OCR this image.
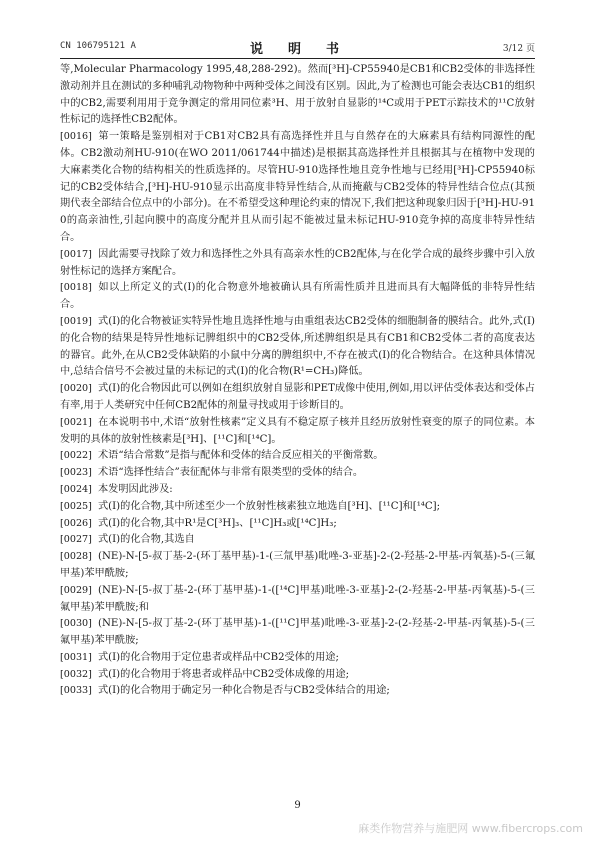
CN 106795121 A	说　明　书	3/12 页

等,Molecular Pharmacology 1995,48,288-292)。然而[³H]-CP55940是CB1和CB2受体的非选择性激动剂并且在测试的多种哺乳动物物种中两种受体之间没有区别。因此,为了检测也可能会表达CB1的组织中的CB2,需要利用用于竞争测定的常用同位素³H、用于放射自显影的¹⁴C或用于PET示踪技术的¹¹C放射性标记的选择性CB2配体。

[0016] 第一策略是鉴别相对于CB1对CB2具有高选择性并且与自然存在的大麻素具有结构同源性的配体。CB2激动剂HU-910(在WO 2011/061744中描述)是根据其高选择性并且根据其与在植物中发现的大麻素类化合物的结构相关的性质选择的。尽管HU-910选择性地且竞争性地与已经用[³H]-CP55940标记的CB2受体结合,[³H]-HU-910显示出高度非特异性结合,从而掩蔽与CB2受体的特异性结合位点(其预期代表全部结合位点中的小部分)。在不希望受这种理论约束的情况下,我们把这种现象归因于[³H]-HU-910的高亲油性,引起向膜中的高度分配并且从而引起不能被过量未标记HU-910竞争掉的高度非特异性结合。

[0017] 因此需要寻找除了效力和选择性之外具有高亲水性的CB2配体,与在化学合成的最终步骤中引入放射性标记的选择方案配合。

[0018] 如以上所定义的式(I)的化合物意外地被确认具有所需性质并且进而具有大幅降低的非特异性结合。

[0019] 式(I)的化合物被证实特异性地且选择性地与由重组表达CB2受体的细胞制备的膜结合。此外,式(I)的化合物的结果是特异性地标记脾组织中的CB2受体,所述脾组织是具有CB1和CB2受体二者的高度表达的器官。此外,在从CB2受体缺陷的小鼠中分离的脾组织中,不存在被式(I)的化合物结合。在这种具体情况中,总结合信号不会被过量的未标记的式(I)的化合物(R¹=CH₃)降低。

[0020] 式(I)的化合物因此可以例如在组织放射自显影和PET成像中使用,例如,用以评估受体表达和受体占有率,用于人类研究中任何CB2配体的剂量寻找或用于诊断目的。

[0021] 在本说明书中,术语“放射性核素”定义具有不稳定原子核并且经历放射性衰变的原子的同位素。本发明的具体的放射性核素是[³H]、[¹¹C]和[¹⁴C]。

[0022] 术语“结合常数”是指与配体和受体的结合反应相关的平衡常数。

[0023] 术语“选择性结合”表征配体与非常有限类型的受体的结合。

[0024] 本发明因此涉及:

[0025] 式(I)的化合物,其中所述至少一个放射性核素独立地选自[³H]、[¹¹C]和[¹⁴C];

[0026] 式(I)的化合物,其中R¹是C[³H]₃、[¹¹C]H₃或[¹⁴C]H₃;

[0027] 式(I)的化合物,其选自

[0028] (NE)-N-[5-叔丁基-2-(环丁基甲基)-1-(三氚甲基)吡唑-3-亚基]-2-(2-羟基-2-甲基-丙氧基)-5-(三氟甲基)苯甲酰胺;

[0029] (NE)-N-[5-叔丁基-2-(环丁基甲基)-1-([¹⁴C]甲基)吡唑-3-亚基]-2-(2-羟基-2-甲基-丙氧基)-5-(三氟甲基)苯甲酰胺;和

[0030] (NE)-N-[5-叔丁基-2-(环丁基甲基)-1-([¹¹C]甲基)吡唑-3-亚基]-2-(2-羟基-2-甲基-丙氧基)-5-(三氟甲基)苯甲酰胺;

[0031] 式(I)的化合物用于定位患者或样品中CB2受体的用途;

[0032] 式(I)的化合物用于将患者或样品中CB2受体成像的用途;

[0033] 式(I)的化合物用于确定另一种化合物是否与CB2受体结合的用途;

9
麻类作物营养与施肥网 www.fibercrops.com
